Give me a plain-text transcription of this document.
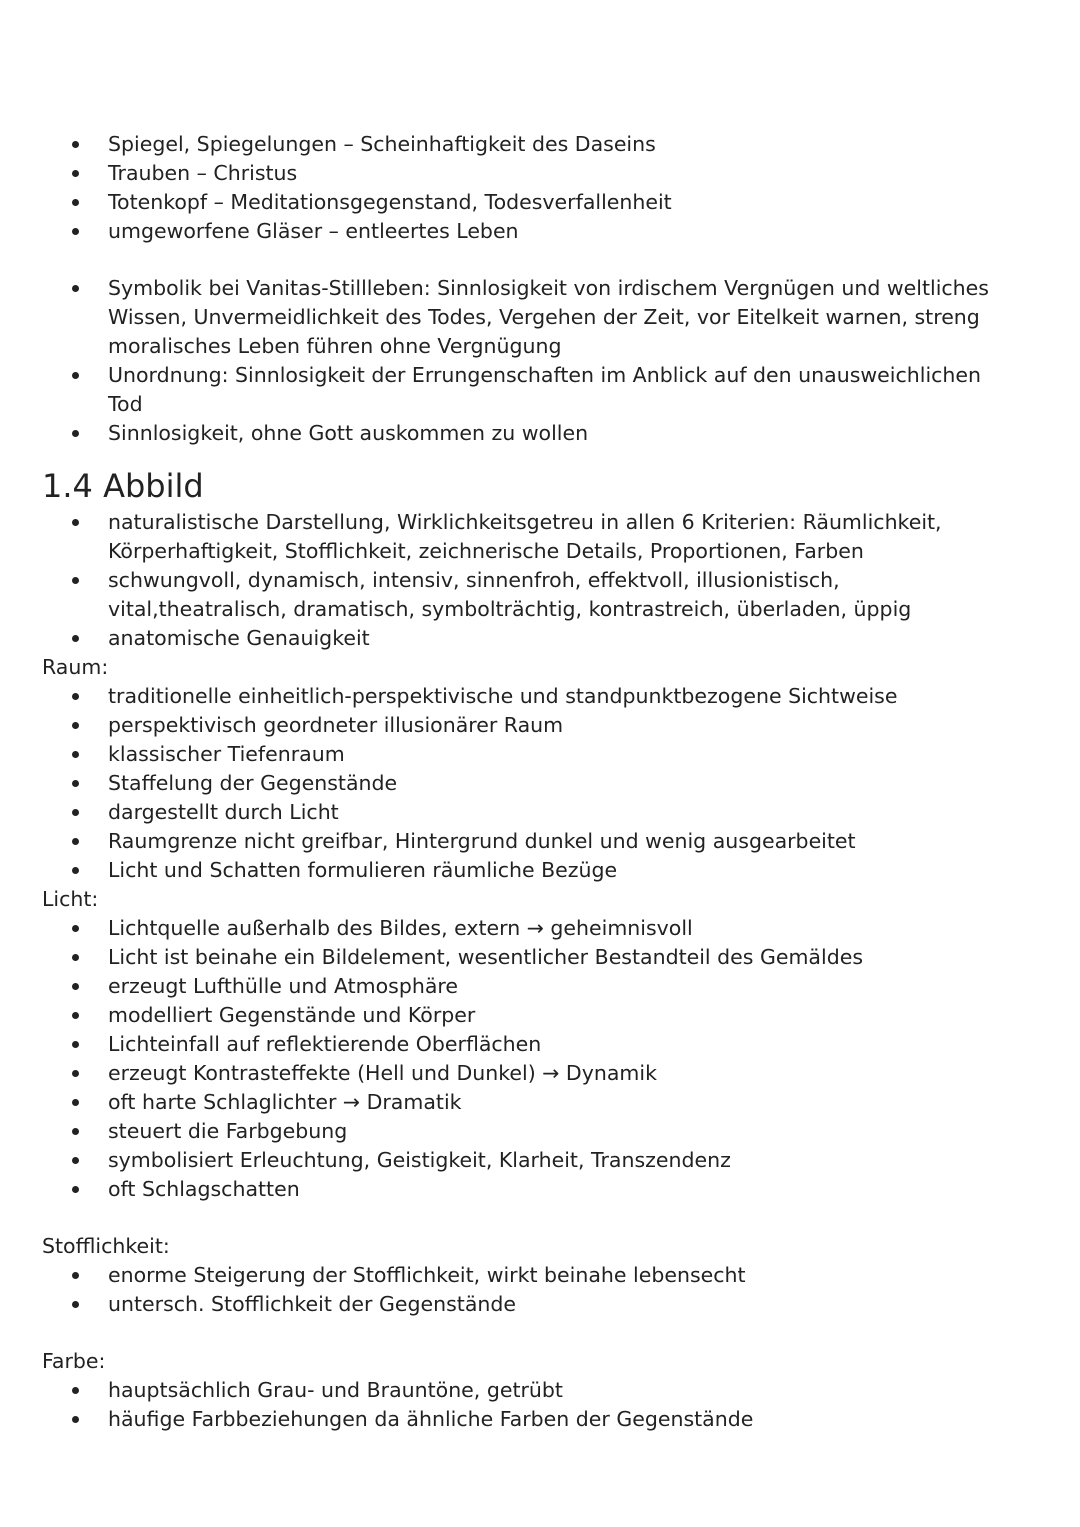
Spiegel, Spiegelungen – Scheinhaftigkeit des Daseins
Trauben – Christus
Totenkopf – Meditationsgegenstand, Todesverfallenheit
umgeworfene Gläser – entleertes Leben
Symbolik bei Vanitas-Stillleben: Sinnlosigkeit von irdischem Vergnügen und weltliches Wissen, Unvermeidlichkeit des Todes, Vergehen der Zeit, vor Eitelkeit warnen, streng moralisches Leben führen ohne Vergnügung
Unordnung: Sinnlosigkeit der Errungenschaften im Anblick auf den unausweichlichen Tod
Sinnlosigkeit, ohne Gott auskommen zu wollen
1.4 Abbild
naturalistische Darstellung, Wirklichkeitsgetreu in allen 6 Kriterien: Räumlichkeit, Körperhaftigkeit, Stofflichkeit, zeichnerische Details, Proportionen, Farben
schwungvoll, dynamisch, intensiv, sinnenfroh, effektvoll, illusionistisch, vital,theatralisch, dramatisch, symbolträchtig, kontrastreich, überladen, üppig
anatomische Genauigkeit
Raum:
traditionelle einheitlich-perspektivische und standpunktbezogene Sichtweise
perspektivisch geordneter illusionärer Raum
klassischer Tiefenraum
Staffelung der Gegenstände
dargestellt durch Licht
Raumgrenze nicht greifbar, Hintergrund dunkel und wenig ausgearbeitet
Licht und Schatten formulieren räumliche Bezüge
Licht:
Lichtquelle außerhalb des Bildes, extern → geheimnisvoll
Licht ist beinahe ein Bildelement, wesentlicher Bestandteil des Gemäldes
erzeugt Lufthülle und Atmosphäre
modelliert Gegenstände und Körper
Lichteinfall auf reflektierende Oberflächen
erzeugt Kontrasteffekte (Hell und Dunkel) → Dynamik
oft harte Schlaglichter → Dramatik
steuert die Farbgebung
symbolisiert Erleuchtung, Geistigkeit, Klarheit, Transzendenz
oft Schlagschatten
Stofflichkeit:
enorme Steigerung der Stofflichkeit, wirkt beinahe lebensecht
untersch. Stofflichkeit der Gegenstände
Farbe:
hauptsächlich Grau- und Brauntöne, getrübt
häufige Farbbeziehungen da ähnliche Farben der Gegenstände
